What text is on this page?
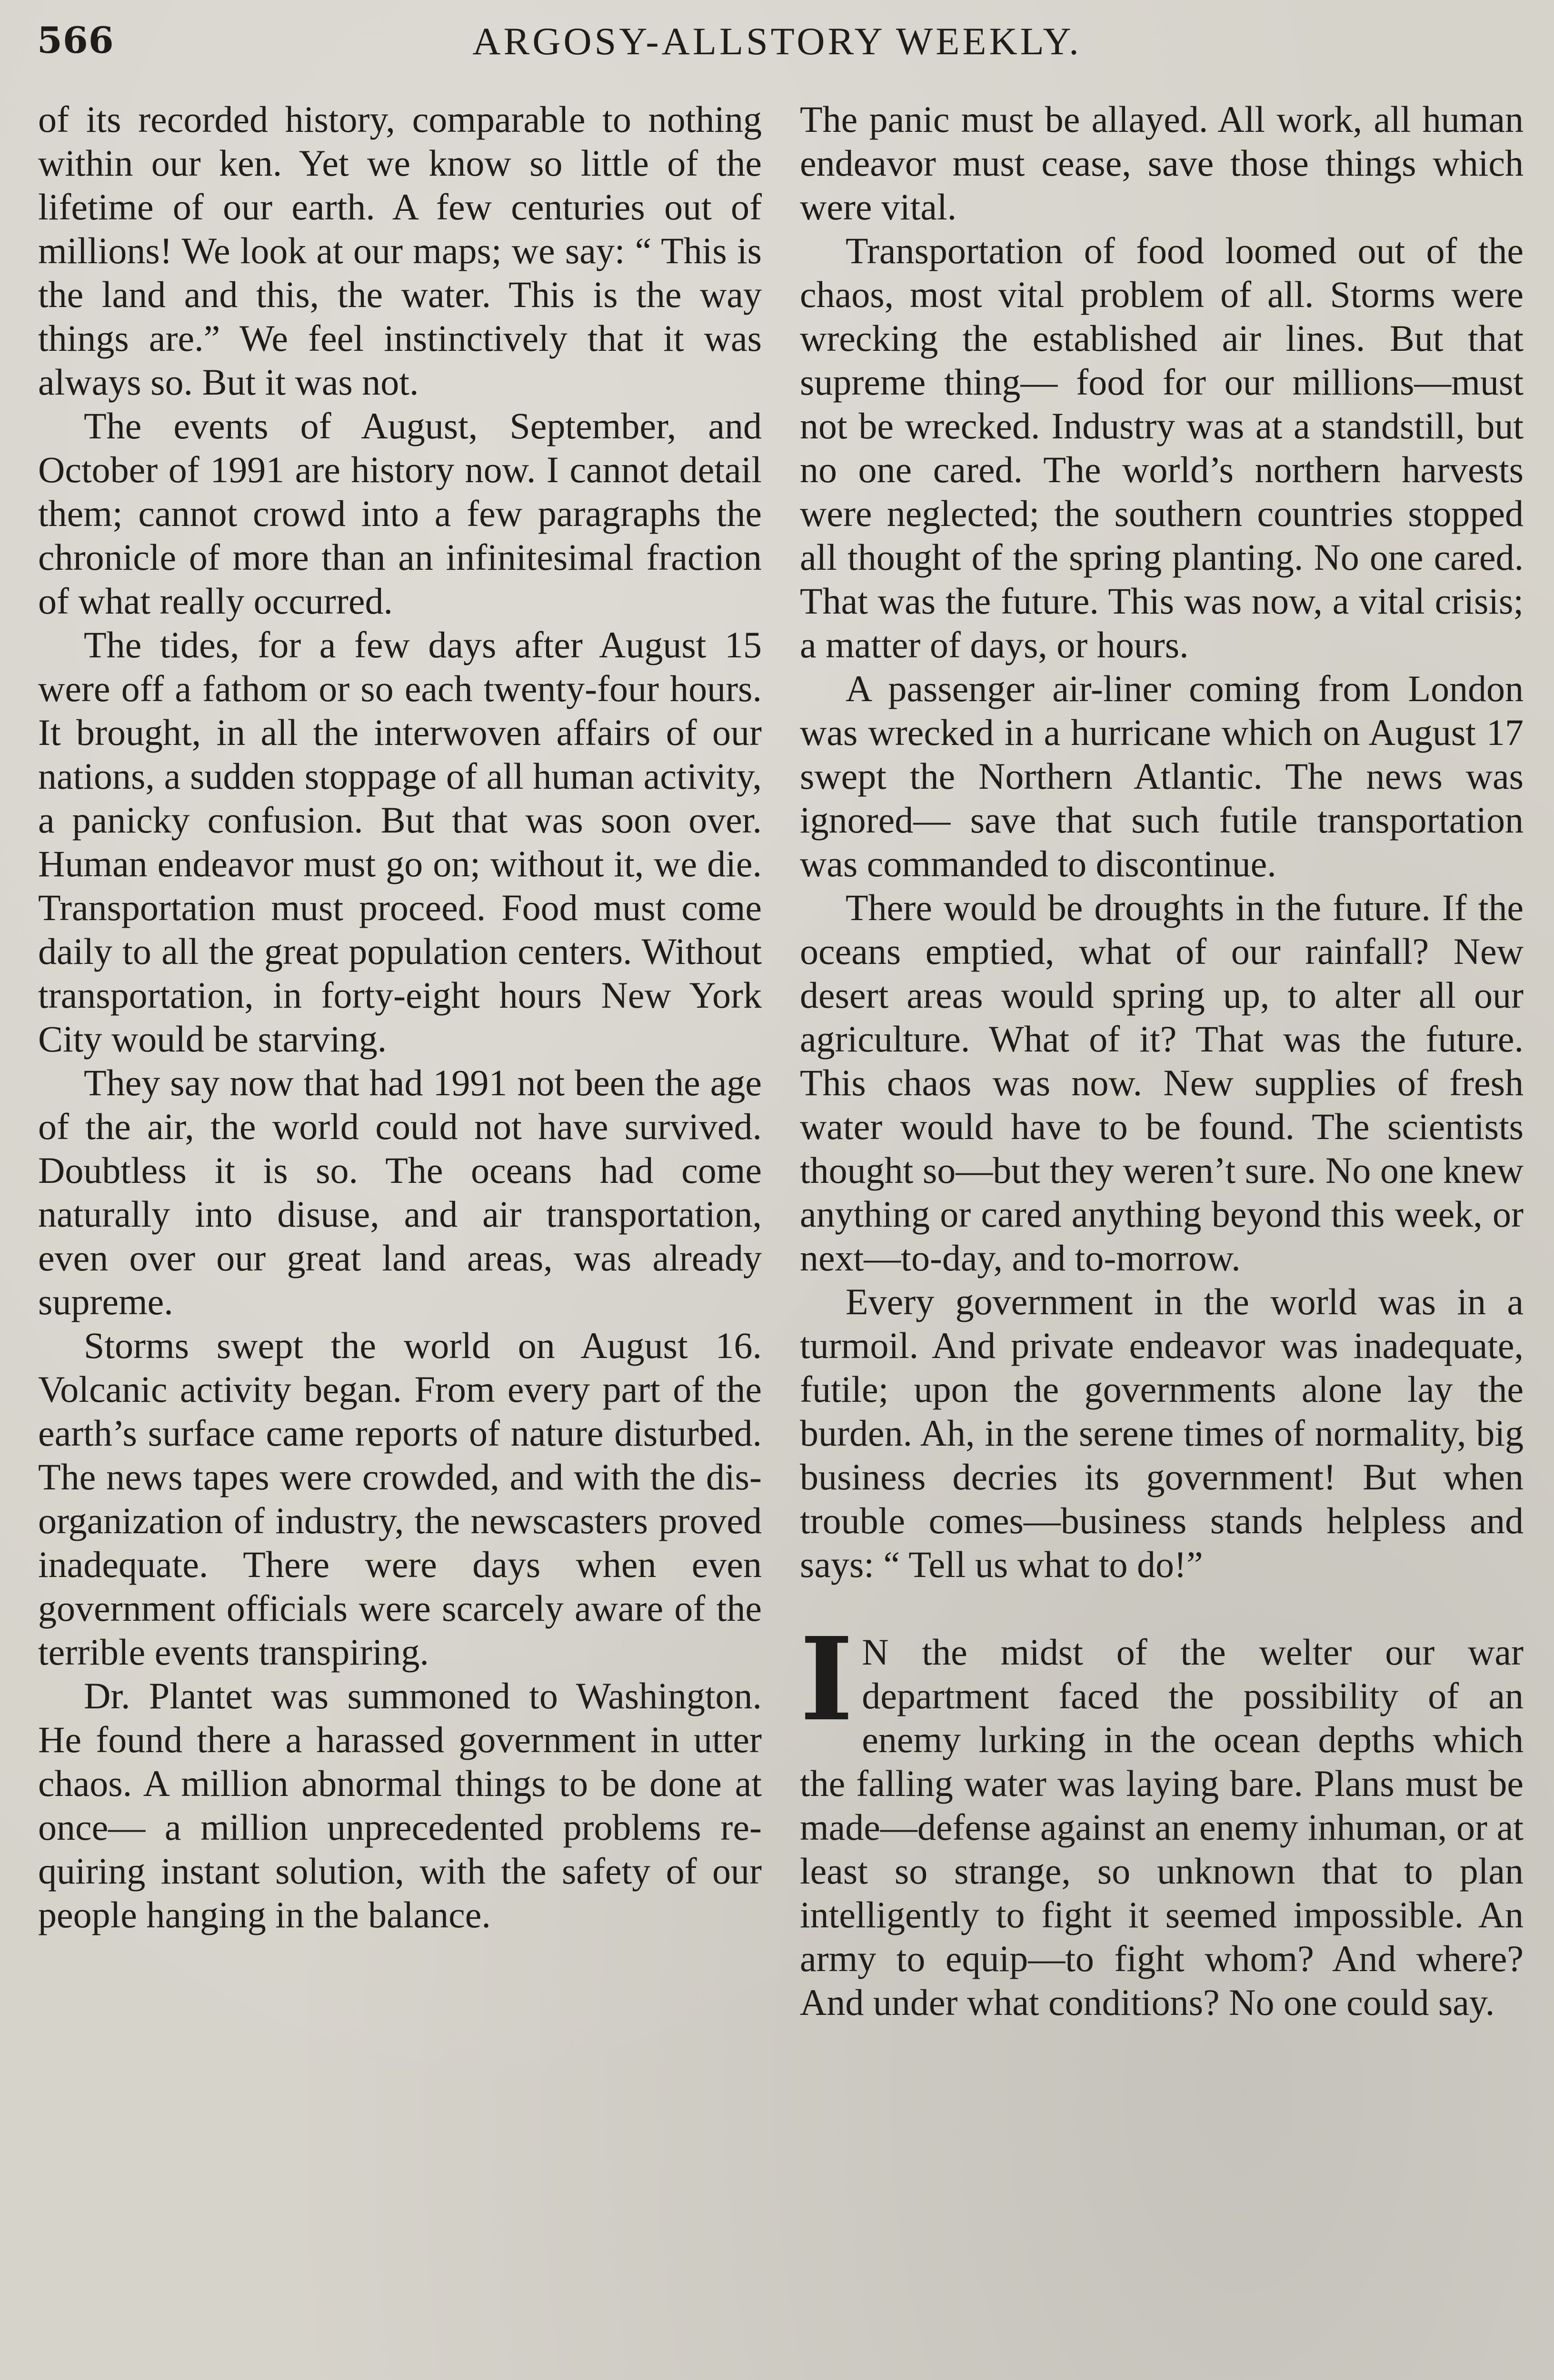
566	ARGOSY-ALLSTORY WEEKLY.

of its recorded history, comparable to nothing within our ken. Yet we know so little of the lifetime of our earth. A few centuries out of millions! We look at our maps; we say: “ This is the land and this, the water. This is the way things are.” We feel instinctively that it was always so. But it was not.

The events of August, September, and October of 1991 are history now. I cannot detail them; cannot crowd into a few paragraphs the chronicle of more than an infinitesimal fraction of what really occurred.

The tides, for a few days after August 15 were off a fathom or so each twenty-four hours. It brought, in all the interwoven affairs of our nations, a sudden stoppage of all human activity, a panicky confusion. But that was soon over. Human endeavor must go on; without it, we die. Transportation must proceed. Food must come daily to all the great population centers. Without transportation, in forty-eight hours New York City would be starving.

They say now that had 1991 not been the age of the air, the world could not have survived. Doubtless it is so. The oceans had come naturally into disuse, and air transportation, even over our great land areas, was already supreme.

Storms swept the world on August 16. Volcanic activity began. From every part of the earth’s surface came reports of nature disturbed. The news tapes were crowded, and with the disorganization of industry, the newscasters proved inadequate. There were days when even government officials were scarcely aware of the terrible events transpiring.

Dr. Plantet was summoned to Washington. He found there a harassed government in utter chaos. A million abnormal things to be done at once— a million unprecedented problems requiring instant solution, with the safety of our people hanging in the balance.

The panic must be allayed. All work, all human endeavor must cease, save those things which were vital.

Transportation of food loomed out of the chaos, most vital problem of all. Storms were wrecking the established air lines. But that supreme thing— food for our millions—must not be wrecked. Industry was at a standstill, but no one cared. The world’s northern harvests were neglected; the southern countries stopped all thought of the spring planting. No one cared. That was the future. This was now, a vital crisis; a matter of days, or hours.

A passenger air-liner coming from London was wrecked in a hurricane which on August 17 swept the Northern Atlantic. The news was ignored— save that such futile transportation was commanded to discontinue.

There would be droughts in the future. If the oceans emptied, what of our rainfall? New desert areas would spring up, to alter all our agriculture. What of it? That was the future. This chaos was now. New supplies of fresh water would have to be found. The scientists thought so—but they weren’t sure. No one knew anything or cared anything beyond this week, or next—to-day, and to-morrow.

Every government in the world was in a turmoil. And private endeavor was inadequate, futile; upon the governments alone lay the burden. Ah, in the serene times of normality, big business decries its government! But when trouble comes—business stands helpless and says: “ Tell us what to do!”

I N the midst of the welter our war department faced the possibility of an enemy lurking in the ocean depths which the falling water was laying bare. Plans must be made—defense against an enemy inhuman, or at least so strange, so unknown that to plan intelligently to fight it seemed impossible. An army to equip—to fight whom? And where? And under what conditions? No one could say.
